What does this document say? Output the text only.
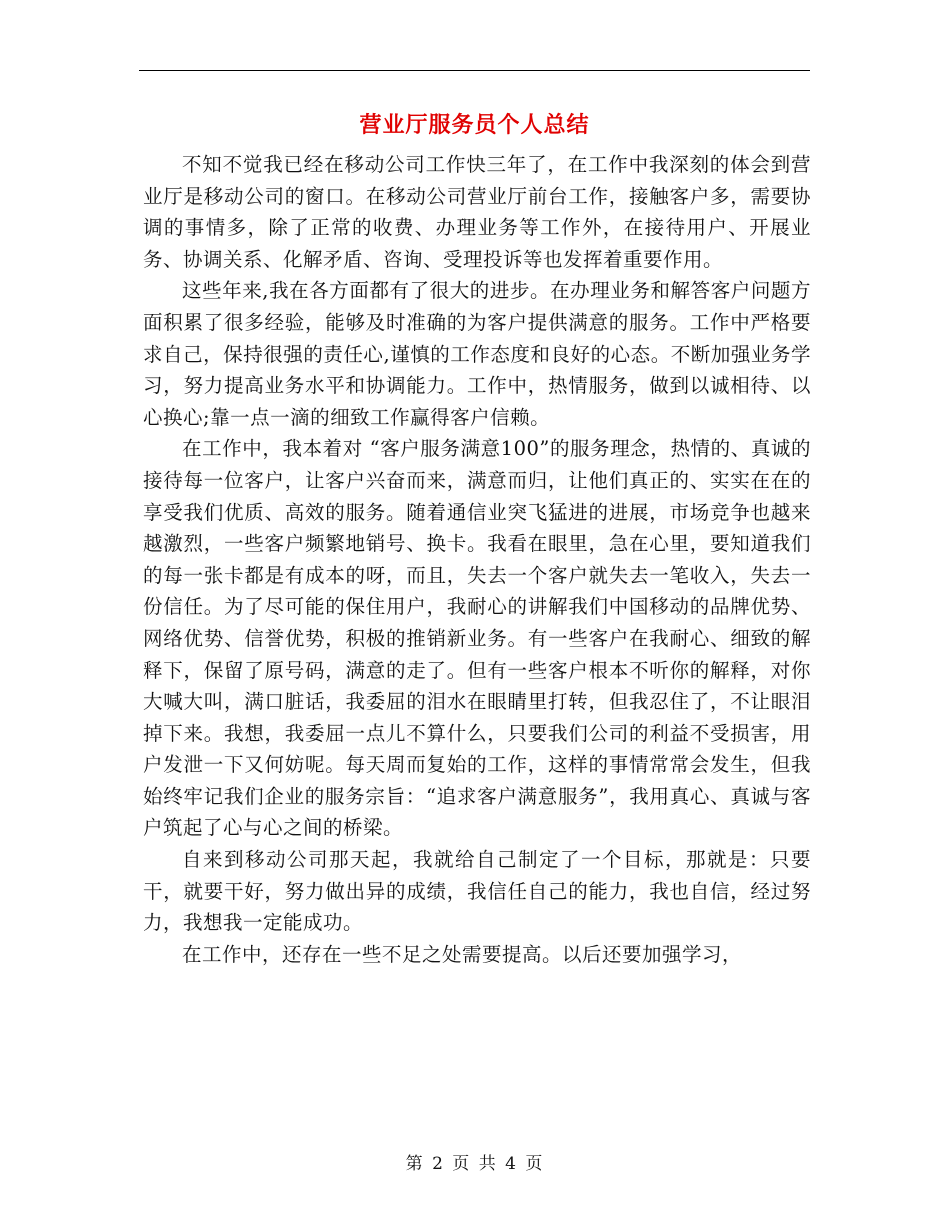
营业厅服务员个人总结

不知不觉我已经在移动公司工作快三年了，在工作中我深刻的体会到营业厅是移动公司的窗口。在移动公司营业厅前台工作，接触客户多，需要协调的事情多，除了正常的收费、办理业务等工作外，在接待用户、开展业务、协调关系、化解矛盾、咨询、受理投诉等也发挥着重要作用。

这些年来,我在各方面都有了很大的进步。在办理业务和解答客户问题方面积累了很多经验，能够及时准确的为客户提供满意的服务。工作中严格要求自己，保持很强的责任心,谨慎的工作态度和良好的心态。不断加强业务学习，努力提高业务水平和协调能力。工作中，热情服务，做到以诚相待、以心换心;靠一点一滴的细致工作赢得客户信赖。

在工作中，我本着对 “客户服务满意100”的服务理念，热情的、真诚的接待每一位客户，让客户兴奋而来，满意而归，让他们真正的、实实在在的享受我们优质、高效的服务。随着通信业突飞猛进的进展，市场竞争也越来越激烈，一些客户频繁地销号、换卡。我看在眼里，急在心里，要知道我们的每一张卡都是有成本的呀，而且，失去一个客户就失去一笔收入，失去一份信任。为了尽可能的保住用户，我耐心的讲解我们中国移动的品牌优势、网络优势、信誉优势，积极的推销新业务。有一些客户在我耐心、细致的解释下，保留了原号码，满意的走了。但有一些客户根本不听你的解释，对你大喊大叫，满口脏话，我委屈的泪水在眼睛里打转，但我忍住了，不让眼泪掉下来。我想，我委屈一点儿不算什么，只要我们公司的利益不受损害，用户发泄一下又何妨呢。每天周而复始的工作，这样的事情常常会发生，但我始终牢记我们企业的服务宗旨：“追求客户满意服务”，我用真心、真诚与客户筑起了心与心之间的桥梁。

自来到移动公司那天起，我就给自己制定了一个目标，那就是：只要干，就要干好，努力做出异的成绩，我信任自己的能力，我也自信，经过努力，我想我一定能成功。

在工作中，还存在一些不足之处需要提高。以后还要加强学习，

第 2 页 共 4 页
